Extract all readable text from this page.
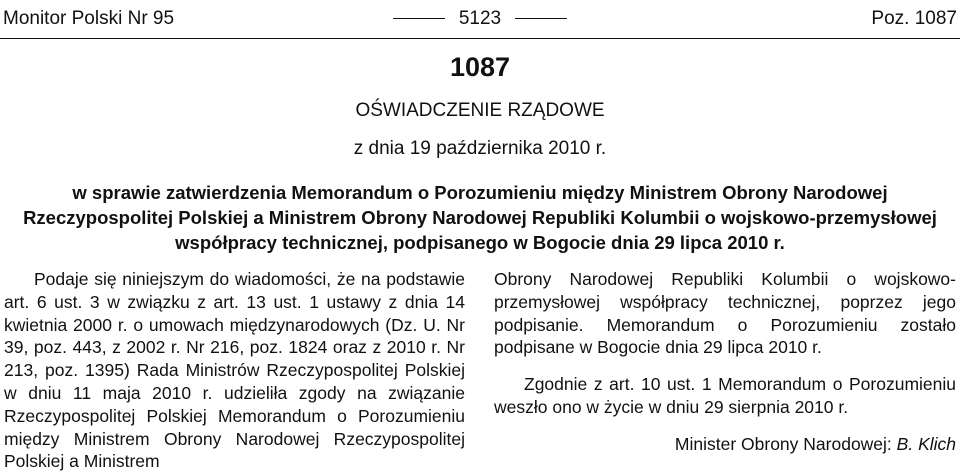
Monitor Polski Nr 95	5123	Poz. 1087
1087
OŚWIADCZENIE RZĄDOWE
z dnia 19 października 2010 r.
w sprawie zatwierdzenia Memorandum o Porozumieniu między Ministrem Obrony Narodowej
Rzeczypospolitej Polskiej a Ministrem Obrony Narodowej Republiki Kolumbii o wojskowo-przemysłowej
współpracy technicznej, podpisanego w Bogocie dnia 29 lipca 2010 r.

Podaje się niniejszym do wiadomości, że na podstawie art. 6 ust. 3 w związku z art. 13 ust. 1 ustawy z dnia 14 kwietnia 2000 r. o umowach międzynarodowych (Dz. U. Nr 39, poz. 443, z 2002 r. Nr 216, poz. 1824 oraz z 2010 r. Nr 213, poz. 1395) Rada Ministrów Rzeczypospolitej Polskiej w dniu 11 maja 2010 r. udzieliła zgody na związanie Rzeczypospolitej Polskiej Memorandum o Porozumieniu między Ministrem Obrony Narodowej Rzeczypospolitej Polskiej a Ministrem

Obrony Narodowej Republiki Kolumbii o wojskowo-przemysłowej współpracy technicznej, poprzez jego podpisanie. Memorandum o Porozumieniu zostało podpisane w Bogocie dnia 29 lipca 2010 r.

Zgodnie z art. 10 ust. 1 Memorandum o Porozumieniu weszło ono w życie w dniu 29 sierpnia 2010 r.

Minister Obrony Narodowej: B. Klich
